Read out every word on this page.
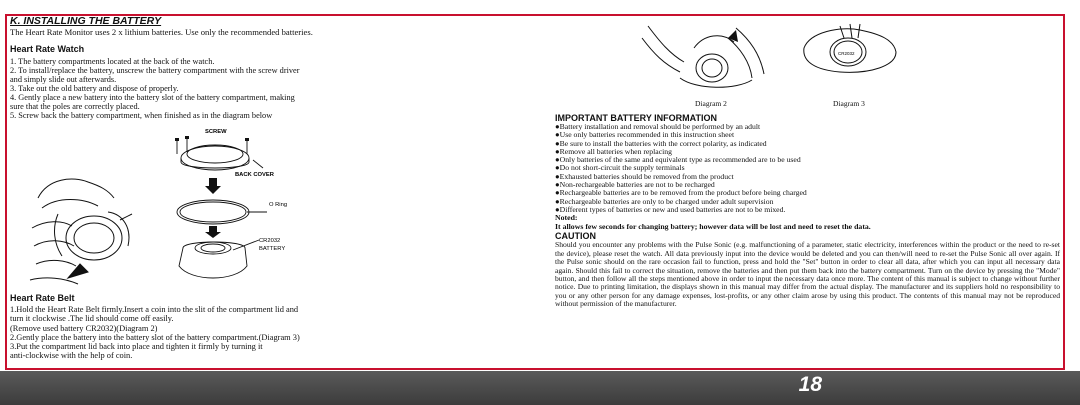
K. INSTALLING THE BATTERY
The Heart Rate Monitor uses 2 x lithium batteries. Use only the recommended batteries.
Heart Rate Watch
1. The battery compartments located at the back of the watch.
2. To install/replace the battery, unscrew the battery compartment with the screw driver
and simply slide out afterwards.
3. Take out the old battery and dispose of properly.
4. Gently place a new battery into the battery slot of the battery compartment, making
sure that the poles are correctly placed.
5. Screw back the battery compartment, when finished as in the diagram below
SCREW
BACK COVER
O Ring
CR2032
BATTERY
Heart Rate Belt
1.Hold the Heart Rate Belt firmly.Insert a coin into the slit of the compartment lid and
turn it clockwise .The lid should come off easily.
(Remove used battery CR2032)(Diagram 2)
2.Gently place the battery into the battery slot of the battery compartment.(Diagram 3)
3.Put the compartment lid back into place and tighten it firmly by turning it
anti-clockwise with the help of coin.
Diagram 2
CR2032
Diagram 3
IMPORTANT BATTERY INFORMATION
●Battery installation and removal should be performed by an adult
●Use only batteries recommended in this instruction sheet
●Be sure to install the batteries with the correct polarity, as indicated
●Remove all batteries when replacing
●Only batteries of the same and equivalent type as recommended are to be used
●Do not short-circuit the supply terminals
●Exhausted batteries should be removed from the product
●Non-rechargeable batteries are not to be recharged
●Rechargeable batteries are to be removed from the product before being charged
●Rechargeable batteries are only to be charged under adult supervision
●Different types of batteries or new and used batteries are not to be mixed.
Noted:
It allows few seconds for changing battery; however data will be lost and need to reset the data.
CAUTION
Should you encounter any problems with the Pulse Sonic (e.g. malfunctioning of a parameter, static electricity, interferences within the product or the need to re-set the device), please reset the watch. All data previously input into the device would be deleted and you can then/will need to re-set the Pulse Sonic all over again. If the Pulse sonic should on the rare occasion fail to function, press and hold the "Set" button in order to clear all data, after which you can input all necessary data again. Should this fail to correct the situation, remove the batteries and then put them back into the battery compartment. Turn on the device by pressing the "Mode" button, and then follow all the steps mentioned above in order to input the necessary data once more. The content of this manual is subject to change without further notice. Due to printing limitation, the displays shown in this manual may differ from the actual display. The manufacturer and its suppliers hold no responsibility to you or any other person for any damage expenses, lost-profits, or any other claim arose by using this product. The contents of this manual may not be reproduced without permission of the manufacturer.
18
